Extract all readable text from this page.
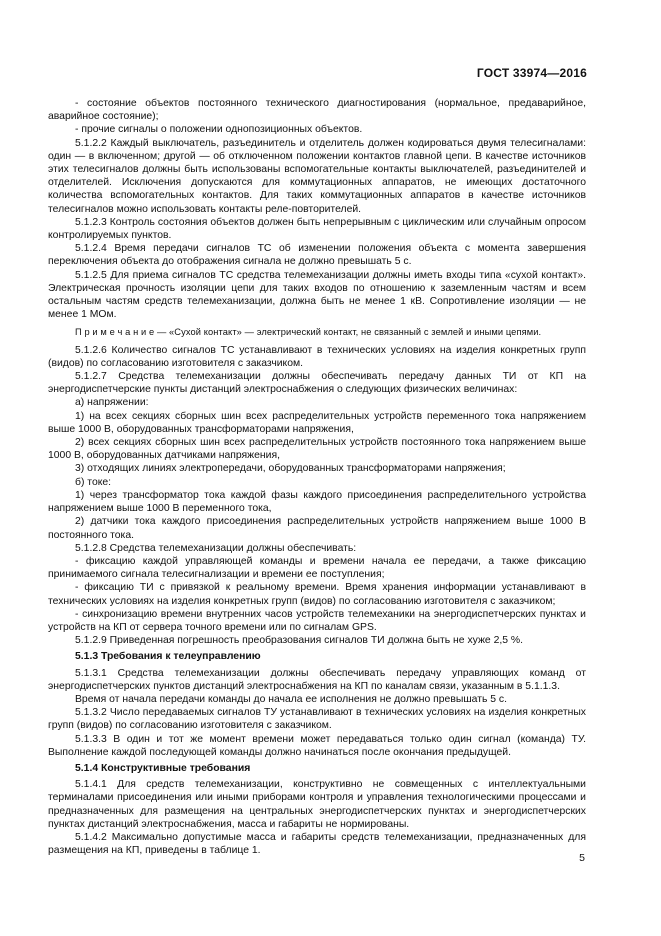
ГОСТ 33974—2016

- состояние объектов постоянного технического диагностирования (нормальное, предаварийное, аварийное состояние);

- прочие сигналы о положении однопозиционных объектов.

5.1.2.2 Каждый выключатель, разъединитель и отделитель должен кодироваться двумя телесигналами: один — в включенном; другой — об отключенном положении контактов главной цепи. В качестве источников этих телесигналов должны быть использованы вспомогательные контакты выключателей, разъединителей и отделителей. Исключения допускаются для коммутационных аппаратов, не имеющих достаточного количества вспомогательных контактов. Для таких коммутационных аппаратов в качестве источников телесигналов можно использовать контакты реле-повторителей.

5.1.2.3 Контроль состояния объектов должен быть непрерывным с циклическим или случайным опросом контролируемых пунктов.

5.1.2.4 Время передачи сигналов ТС об изменении положения объекта с момента завершения переключения объекта до отображения сигнала не должно превышать 5 с.

5.1.2.5 Для приема сигналов ТС средства телемеханизации должны иметь входы типа «сухой контакт». Электрическая прочность изоляции цепи для таких входов по отношению к заземленным частям и всем остальным частям средств телемеханизации, должна быть не менее 1 кВ. Сопротивление изоляции — не менее 1 МОм.

П р и м е ч а н и е — «Сухой контакт» — электрический контакт, не связанный с землей и иными цепями.

5.1.2.6 Количество сигналов ТС устанавливают в технических условиях на изделия конкретных групп (видов) по согласованию изготовителя с заказчиком.

5.1.2.7 Средства телемеханизации должны обеспечивать передачу данных ТИ от КП на энергодиспетчерские пункты дистанций электроснабжения о следующих физических величинах:

а) напряжении:

1) на всех секциях сборных шин всех распределительных устройств переменного тока напряжением выше 1000 В, оборудованных трансформаторами напряжения,

2) всех секциях сборных шин всех распределительных устройств постоянного тока напряжением выше 1000 В, оборудованных датчиками напряжения,

3) отходящих линиях электропередачи, оборудованных трансформаторами напряжения;

б) токе:

1) через трансформатор тока каждой фазы каждого присоединения распределительного устройства напряжением выше 1000 В переменного тока,

2) датчики тока каждого присоединения распределительных устройств напряжением выше 1000 В постоянного тока.

5.1.2.8 Средства телемеханизации должны обеспечивать:

- фиксацию каждой управляющей команды и времени начала ее передачи, а также фиксацию принимаемого сигнала телесигнализации и времени ее поступления;

- фиксацию ТИ с привязкой к реальному времени. Время хранения информации устанавливают в технических условиях на изделия конкретных групп (видов) по согласованию изготовителя с заказчиком;

- синхронизацию времени внутренних часов устройств телемеханики на энергодиспетчерских пунктах и устройств на КП от сервера точного времени или по сигналам GPS.

5.1.2.9 Приведенная погрешность преобразования сигналов ТИ должна быть не хуже 2,5 %.

5.1.3 Требования к телеуправлению

5.1.3.1 Средства телемеханизации должны обеспечивать передачу управляющих команд от энергодиспетчерских пунктов дистанций электроснабжения на КП по каналам связи, указанным в 5.1.1.3.

Время от начала передачи команды до начала ее исполнения не должно превышать 5 с.

5.1.3.2 Число передаваемых сигналов ТУ устанавливают в технических условиях на изделия конкретных групп (видов) по согласованию изготовителя с заказчиком.

5.1.3.3 В один и тот же момент времени может передаваться только один сигнал (команда) ТУ. Выполнение каждой последующей команды должно начинаться после окончания предыдущей.

5.1.4 Конструктивные требования

5.1.4.1 Для средств телемеханизации, конструктивно не совмещенных с интеллектуальными терминалами присоединения или иными приборами контроля и управления технологическими процессами и предназначенных для размещения на центральных энергодиспетчерских пунктах и энергодиспетчерских пунктах дистанций электроснабжения, масса и габариты не нормированы.

5.1.4.2 Максимально допустимые масса и габариты средств телемеханизации, предназначенных для размещения на КП, приведены в таблице 1.

5
